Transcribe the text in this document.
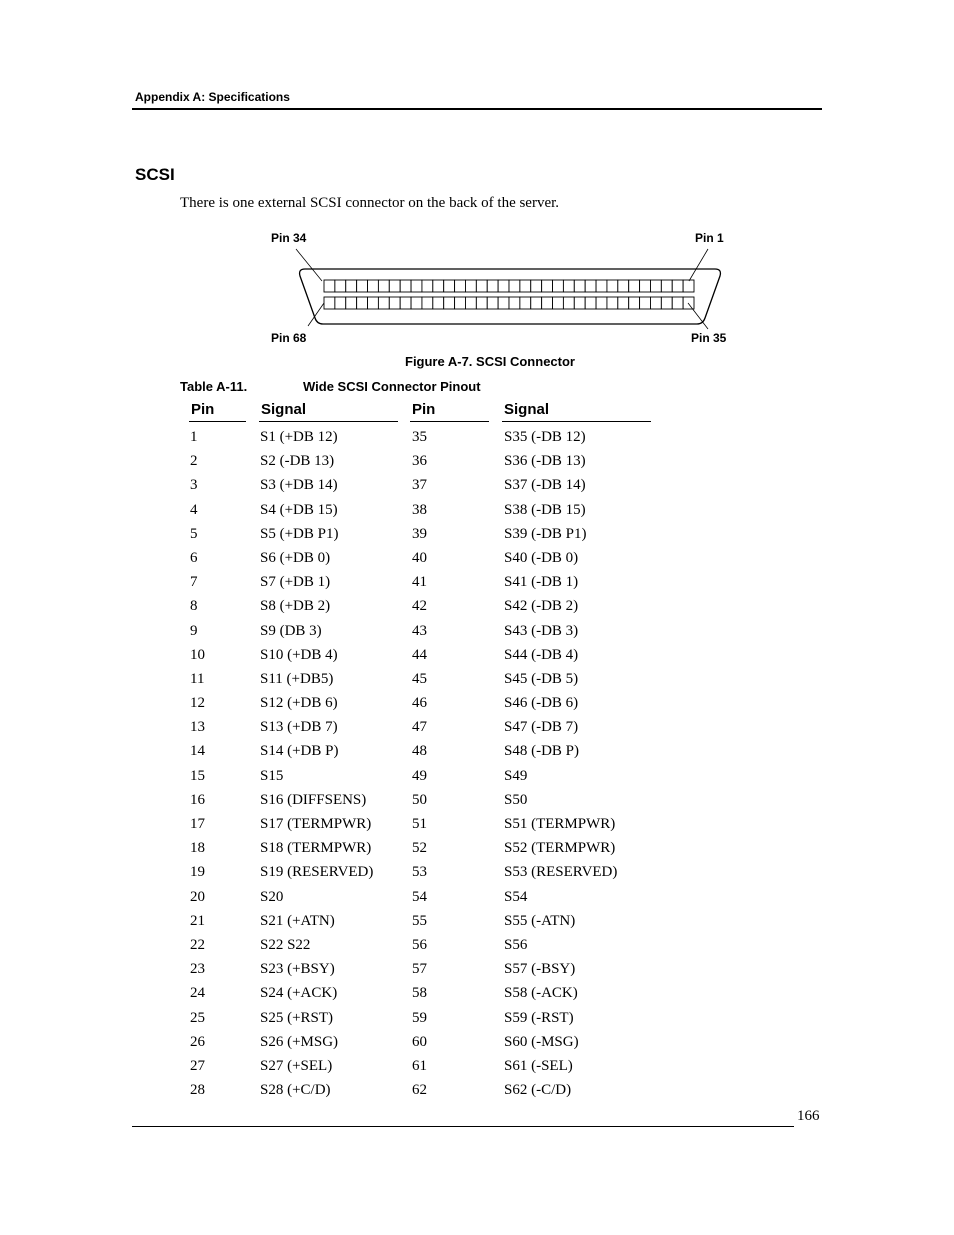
Appendix A: Specifications
SCSI
There is one external SCSI connector on the back of the server.
Pin 34	Pin 1
Pin 68	Pin 35
Figure A-7. SCSI Connector
Table A-11.	Wide SCSI Connector Pinout
Pin	Signal	Pin	Signal
1	S1 (+DB 12)	35	S35 (-DB 12)
2	S2 (-DB 13)	36	S36 (-DB 13)
3	S3 (+DB 14)	37	S37 (-DB 14)
4	S4 (+DB 15)	38	S38 (-DB 15)
5	S5 (+DB P1)	39	S39 (-DB P1)
6	S6 (+DB 0)	40	S40 (-DB 0)
7	S7 (+DB 1)	41	S41 (-DB 1)
8	S8 (+DB 2)	42	S42 (-DB 2)
9	S9 (DB 3)	43	S43 (-DB 3)
10	S10 (+DB 4)	44	S44 (-DB 4)
11	S11 (+DB5)	45	S45 (-DB 5)
12	S12 (+DB 6)	46	S46 (-DB 6)
13	S13 (+DB 7)	47	S47 (-DB 7)
14	S14 (+DB P)	48	S48 (-DB P)
15	S15	49	S49
16	S16 (DIFFSENS)	50	S50
17	S17 (TERMPWR)	51	S51 (TERMPWR)
18	S18 (TERMPWR)	52	S52 (TERMPWR)
19	S19 (RESERVED)	53	S53 (RESERVED)
20	S20	54	S54
21	S21 (+ATN)	55	S55 (-ATN)
22	S22 S22	56	S56
23	S23 (+BSY)	57	S57 (-BSY)
24	S24 (+ACK)	58	S58 (-ACK)
25	S25 (+RST)	59	S59 (-RST)
26	S26 (+MSG)	60	S60 (-MSG)
27	S27 (+SEL)	61	S61 (-SEL)
28	S28 (+C/D)	62	S62 (-C/D)
166
